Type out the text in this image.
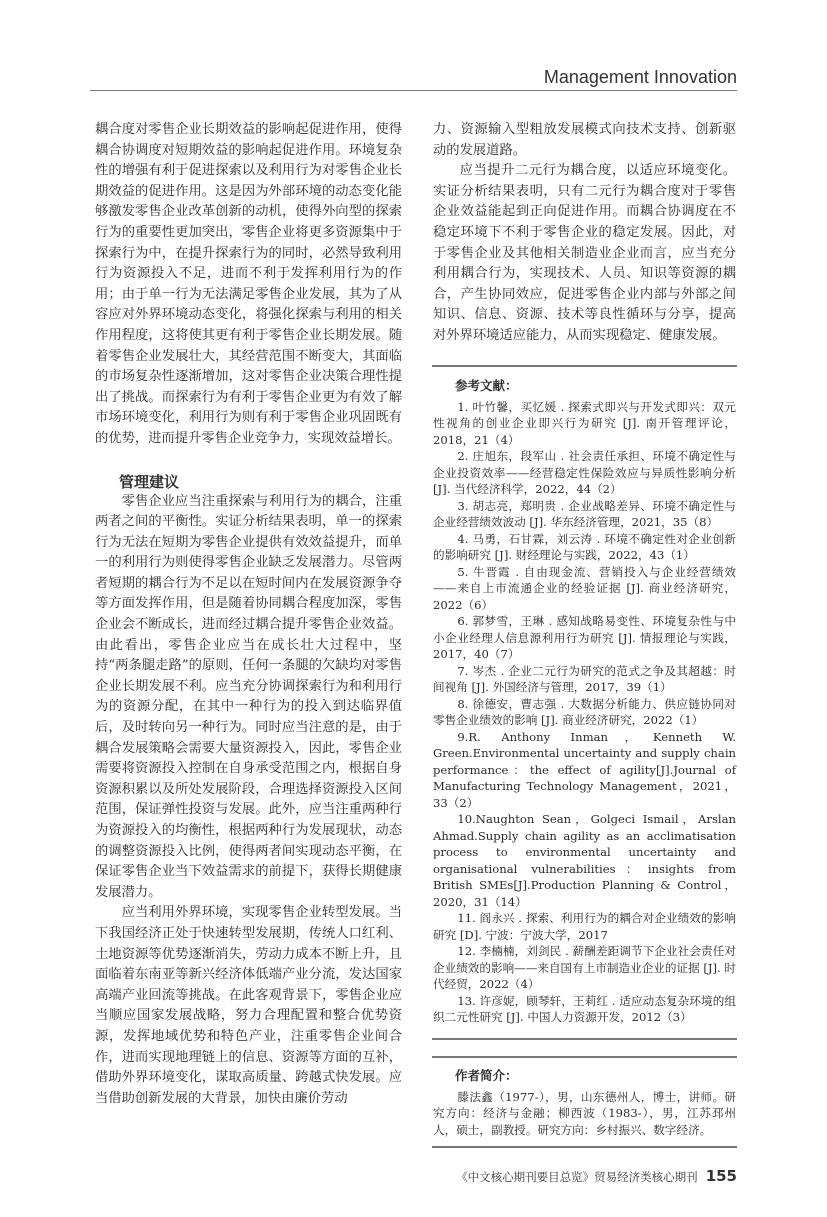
Management Innovation

耦合度对零售企业长期效益的影响起促进作用，使得耦合协调度对短期效益的影响起促进作用。环境复杂性的增强有利于促进探索以及利用行为对零售企业长期效益的促进作用。这是因为外部环境的动态变化能够激发零售企业改革创新的动机，使得外向型的探索行为的重要性更加突出，零售企业将更多资源集中于探索行为中，在提升探索行为的同时，必然导致利用行为资源投入不足，进而不利于发挥利用行为的作用；由于单一行为无法满足零售企业发展，其为了从容应对外界环境动态变化，将强化探索与利用的相关作用程度，这将使其更有利于零售企业长期发展。随着零售企业发展壮大，其经营范围不断变大，其面临的市场复杂性逐渐增加，这对零售企业决策合理性提出了挑战。而探索行为有利于零售企业更为有效了解市场环境变化，利用行为则有利于零售企业巩固既有的优势，进而提升零售企业竞争力，实现效益增长。

管理建议

零售企业应当注重探索与利用行为的耦合，注重两者之间的平衡性。实证分析结果表明，单一的探索行为无法在短期为零售企业提供有效效益提升，而单一的利用行为则使得零售企业缺乏发展潜力。尽管两者短期的耦合行为不足以在短时间内在发展资源争夺等方面发挥作用，但是随着协同耦合程度加深，零售企业会不断成长，进而经过耦合提升零售企业效益。由此看出，零售企业应当在成长壮大过程中，坚持“两条腿走路”的原则，任何一条腿的欠缺均对零售企业长期发展不利。应当充分协调探索行为和利用行为的资源分配，在其中一种行为的投入到达临界值后，及时转向另一种行为。同时应当注意的是，由于耦合发展策略会需要大量资源投入，因此，零售企业需要将资源投入控制在自身承受范围之内，根据自身资源积累以及所处发展阶段，合理选择资源投入区间范围，保证弹性投资与发展。此外，应当注重两种行为资源投入的均衡性，根据两种行为发展现状，动态的调整资源投入比例，使得两者间实现动态平衡，在保证零售企业当下效益需求的前提下，获得长期健康发展潜力。

应当利用外界环境，实现零售企业转型发展。当下我国经济正处于快速转型发展期，传统人口红利、土地资源等优势逐渐消失，劳动力成本不断上升，且面临着东南亚等新兴经济体低端产业分流，发达国家高端产业回流等挑战。在此客观背景下，零售企业应当顺应国家发展战略，努力合理配置和整合优势资源，发挥地域优势和特色产业，注重零售企业间合作，进而实现地理链上的信息、资源等方面的互补，借助外界环境变化，谋取高质量、跨越式快发展。应当借助创新发展的大背景，加快由廉价劳动

力、资源输入型粗放发展模式向技术支持、创新驱动的发展道路。

应当提升二元行为耦合度，以适应环境变化。实证分析结果表明，只有二元行为耦合度对于零售企业效益能起到正向促进作用。而耦合协调度在不稳定环境下不利于零售企业的稳定发展。因此，对于零售企业及其他相关制造业企业而言，应当充分利用耦合行为，实现技术、人员、知识等资源的耦合，产生协同效应，促进零售企业内部与外部之间知识、信息、资源、技术等良性循环与分享，提高对外界环境适应能力，从而实现稳定、健康发展。

参考文献：

1. 叶竹馨，买忆媛 . 探索式即兴与开发式即兴：双元性视角的创业企业即兴行为研究 [J]. 南开管理评论，2018，21（4）

2. 庄旭东，段军山 . 社会责任承担、环境不确定性与企业投资效率——经营稳定性保险效应与异质性影响分析 [J]. 当代经济科学，2022，44（2）

3. 胡志亮，郑明贵 . 企业战略差异、环境不确定性与企业经营绩效波动 [J]. 华东经济管理，2021，35（8）

4. 马勇，石甘霖，刘云涛 . 环境不确定性对企业创新的影响研究 [J]. 财经理论与实践，2022，43（1）

5. 牛晋霞 . 自由现金流、营销投入与企业经营绩效——来自上市流通企业的经验证据 [J]. 商业经济研究，2022（6）

6. 郭梦雪，王琳 . 感知战略易变性、环境复杂性与中小企业经理人信息源利用行为研究 [J]. 情报理论与实践，2017，40（7）

7. 岑杰 . 企业二元行为研究的范式之争及其超越：时间视角 [J]. 外国经济与管理，2017，39（1）

8. 徐德安，曹志强 . 大数据分析能力、供应链协同对零售企业绩效的影响 [J]. 商业经济研究，2022（1）

9.R. Anthony Inman，Kenneth W. Green.Environmental uncertainty and supply chain performance：the effect of agility[J].Journal of Manufacturing Technology Management，2021，33（2）

10.Naughton Sean，Golgeci Ismail，Arslan Ahmad.Supply chain agility as an acclimatisation process to environmental uncertainty and organisational vulnerabilities：insights from British SMEs[J].Production Planning & Control，2020，31（14）

11. 阎永兴 . 探索、利用行为的耦合对企业绩效的影响研究 [D]. 宁波：宁波大学，2017

12. 李楠楠，刘剑民 . 薪酬差距调节下企业社会责任对企业绩效的影响——来自国有上市制造业企业的证据 [J]. 时代经贸，2022（4）

13. 许彦妮，顾琴轩，王莉红 . 适应动态复杂环境的组织二元性研究 [J]. 中国人力资源开发，2012（3）

作者简介：

滕法鑫（1977-），男，山东德州人，博士，讲师。研究方向：经济与金融；柳西波（1983-），男，江苏邳州人，硕士，副教授。研究方向：乡村振兴、数字经济。

《中文核心期刊要目总览》贸易经济类核心期刊 155
